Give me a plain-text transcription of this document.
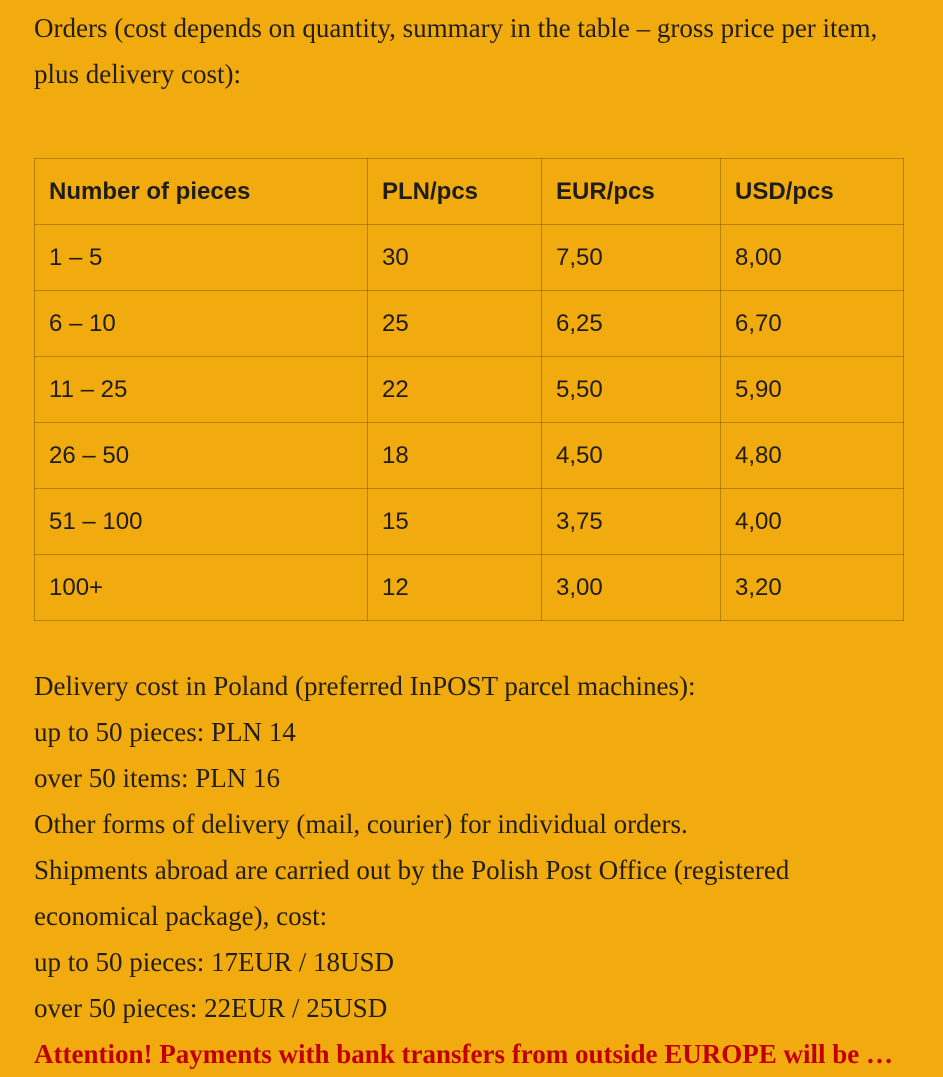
Orders (cost depends on quantity, summary in the table – gross price per item, plus delivery cost):

Number of pieces	PLN/pcs	EUR/pcs	USD/pcs
1 – 5	30	7,50	8,00
6 – 10	25	6,25	6,70
11 – 25	22	5,50	5,90
26 – 50	18	4,50	4,80
51 – 100	15	3,75	4,00
100+	12	3,00	3,20
Delivery cost in Poland (preferred InPOST parcel machines):
up to 50 pieces: PLN 14
over 50 items: PLN 16
Other forms of delivery (mail, courier) for individual orders.
Shipments abroad are carried out by the Polish Post Office (registered economical package), cost:
up to 50 pieces: 17EUR / 18USD
over 50 pieces: 22EUR / 25USD
Attention! Payments with bank transfers from outside EUROPE will be …
